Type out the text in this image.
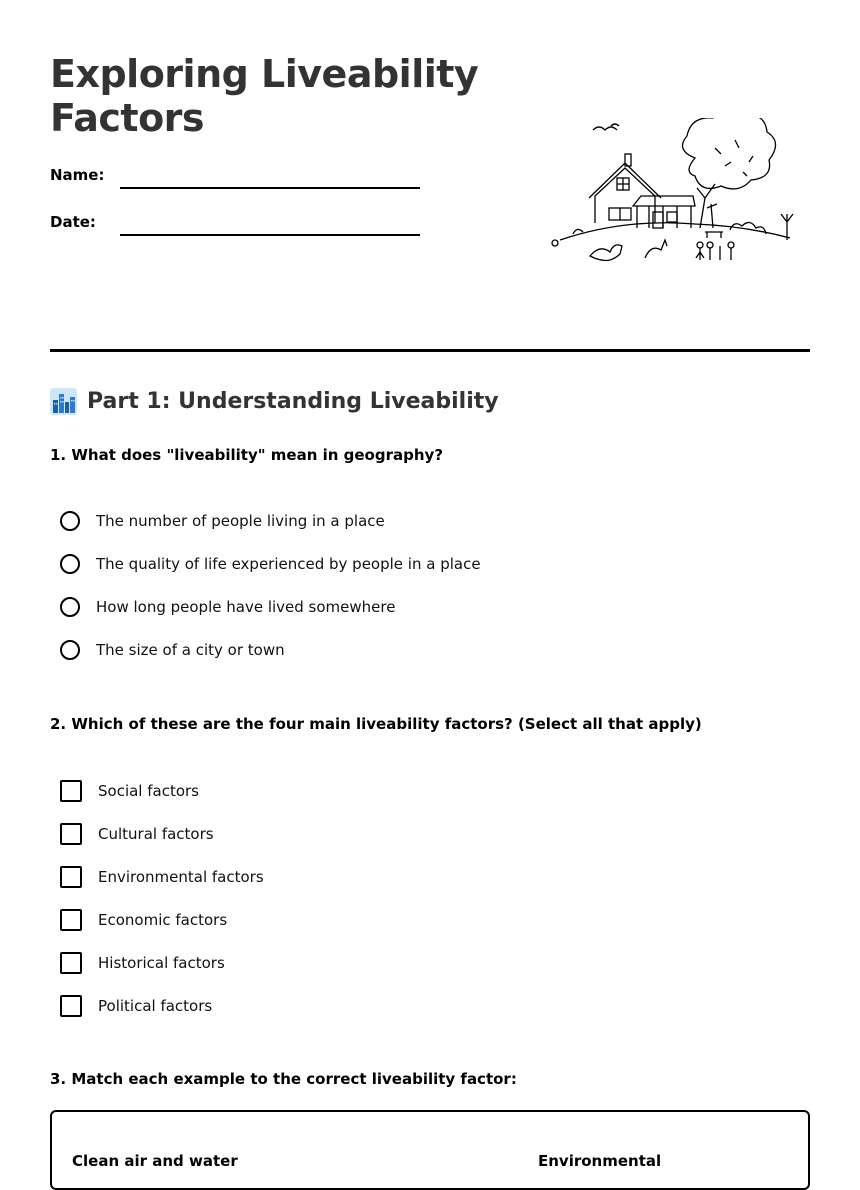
Exploring Liveability Factors
Name:
Date:
Part 1: Understanding Liveability
1. What does "liveability" mean in geography?
The number of people living in a place
The quality of life experienced by people in a place
How long people have lived somewhere
The size of a city or town
2. Which of these are the four main liveability factors? (Select all that apply)
Social factors
Cultural factors
Environmental factors
Economic factors
Historical factors
Political factors
3. Match each example to the correct liveability factor:
Clean air and water	Environmental
